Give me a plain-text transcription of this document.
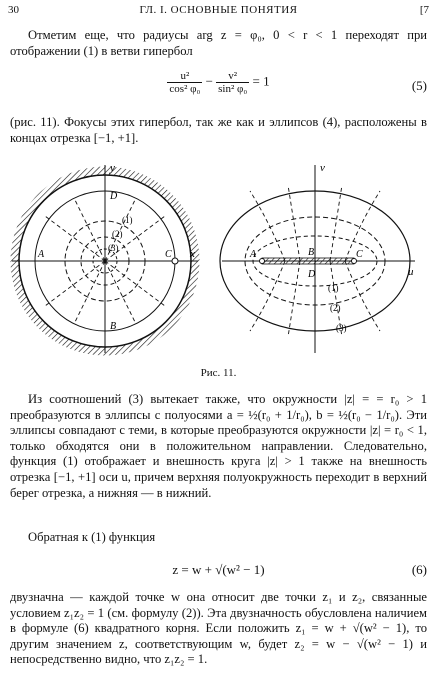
30	ГЛ. I. ОСНОВНЫЕ ПОНЯТИЯ	[7
Отметим еще, что радиусы arg z = φ₀, 0 < r < 1 переходят при отображении (1) в ветви гипербол
$\frac{\text{u²}}{\text{cos² φ₀}} - \frac{\text{v²}}{\text{sin² φ₀}} = 1$	(5)
(рис. 11). Фокусы этих гипербол, так же как и эллипсов (4), расположены в концах отрезка [−1, +1].
y
x
A
B
C
D
(1)
(2)
(3)
v
u
A	B	C
D
(1)
(2)
(3)
Рис. 11.
Из соотношений (3) вытекает также, что окружности |z| = = r₀ > 1 преобразуются в эллипсы с полуосями a = ½(r₀ + 1/r₀), b = ½(r₀ − 1/r₀). Эти эллипсы совпадают с теми, в которые преобразуются окружности |z| = r₀ < 1, только обходятся они в положительном направлении. Следовательно, функция (1) отображает и внешность круга |z| > 1 также на внешность отрезка [−1, +1] оси u, причем верхняя полуокружность переходит в верхний берег отрезка, а нижняя — в нижний.
Обратная к (1) функция
z = w + √(w² − 1)	(6)
двузначна — каждой точке w она относит две точки z₁ и z₂, связанные условием z₁z₂ = 1 (см. формулу (2)). Эта двузначность обусловлена наличием в формуле (6) квадратного корня. Если положить z₁ = w + √(w² − 1), то другим значением z, соответствующим w, будет z₂ = w − √(w² − 1) и непосредственно видно, что z₁z₂ = 1.
